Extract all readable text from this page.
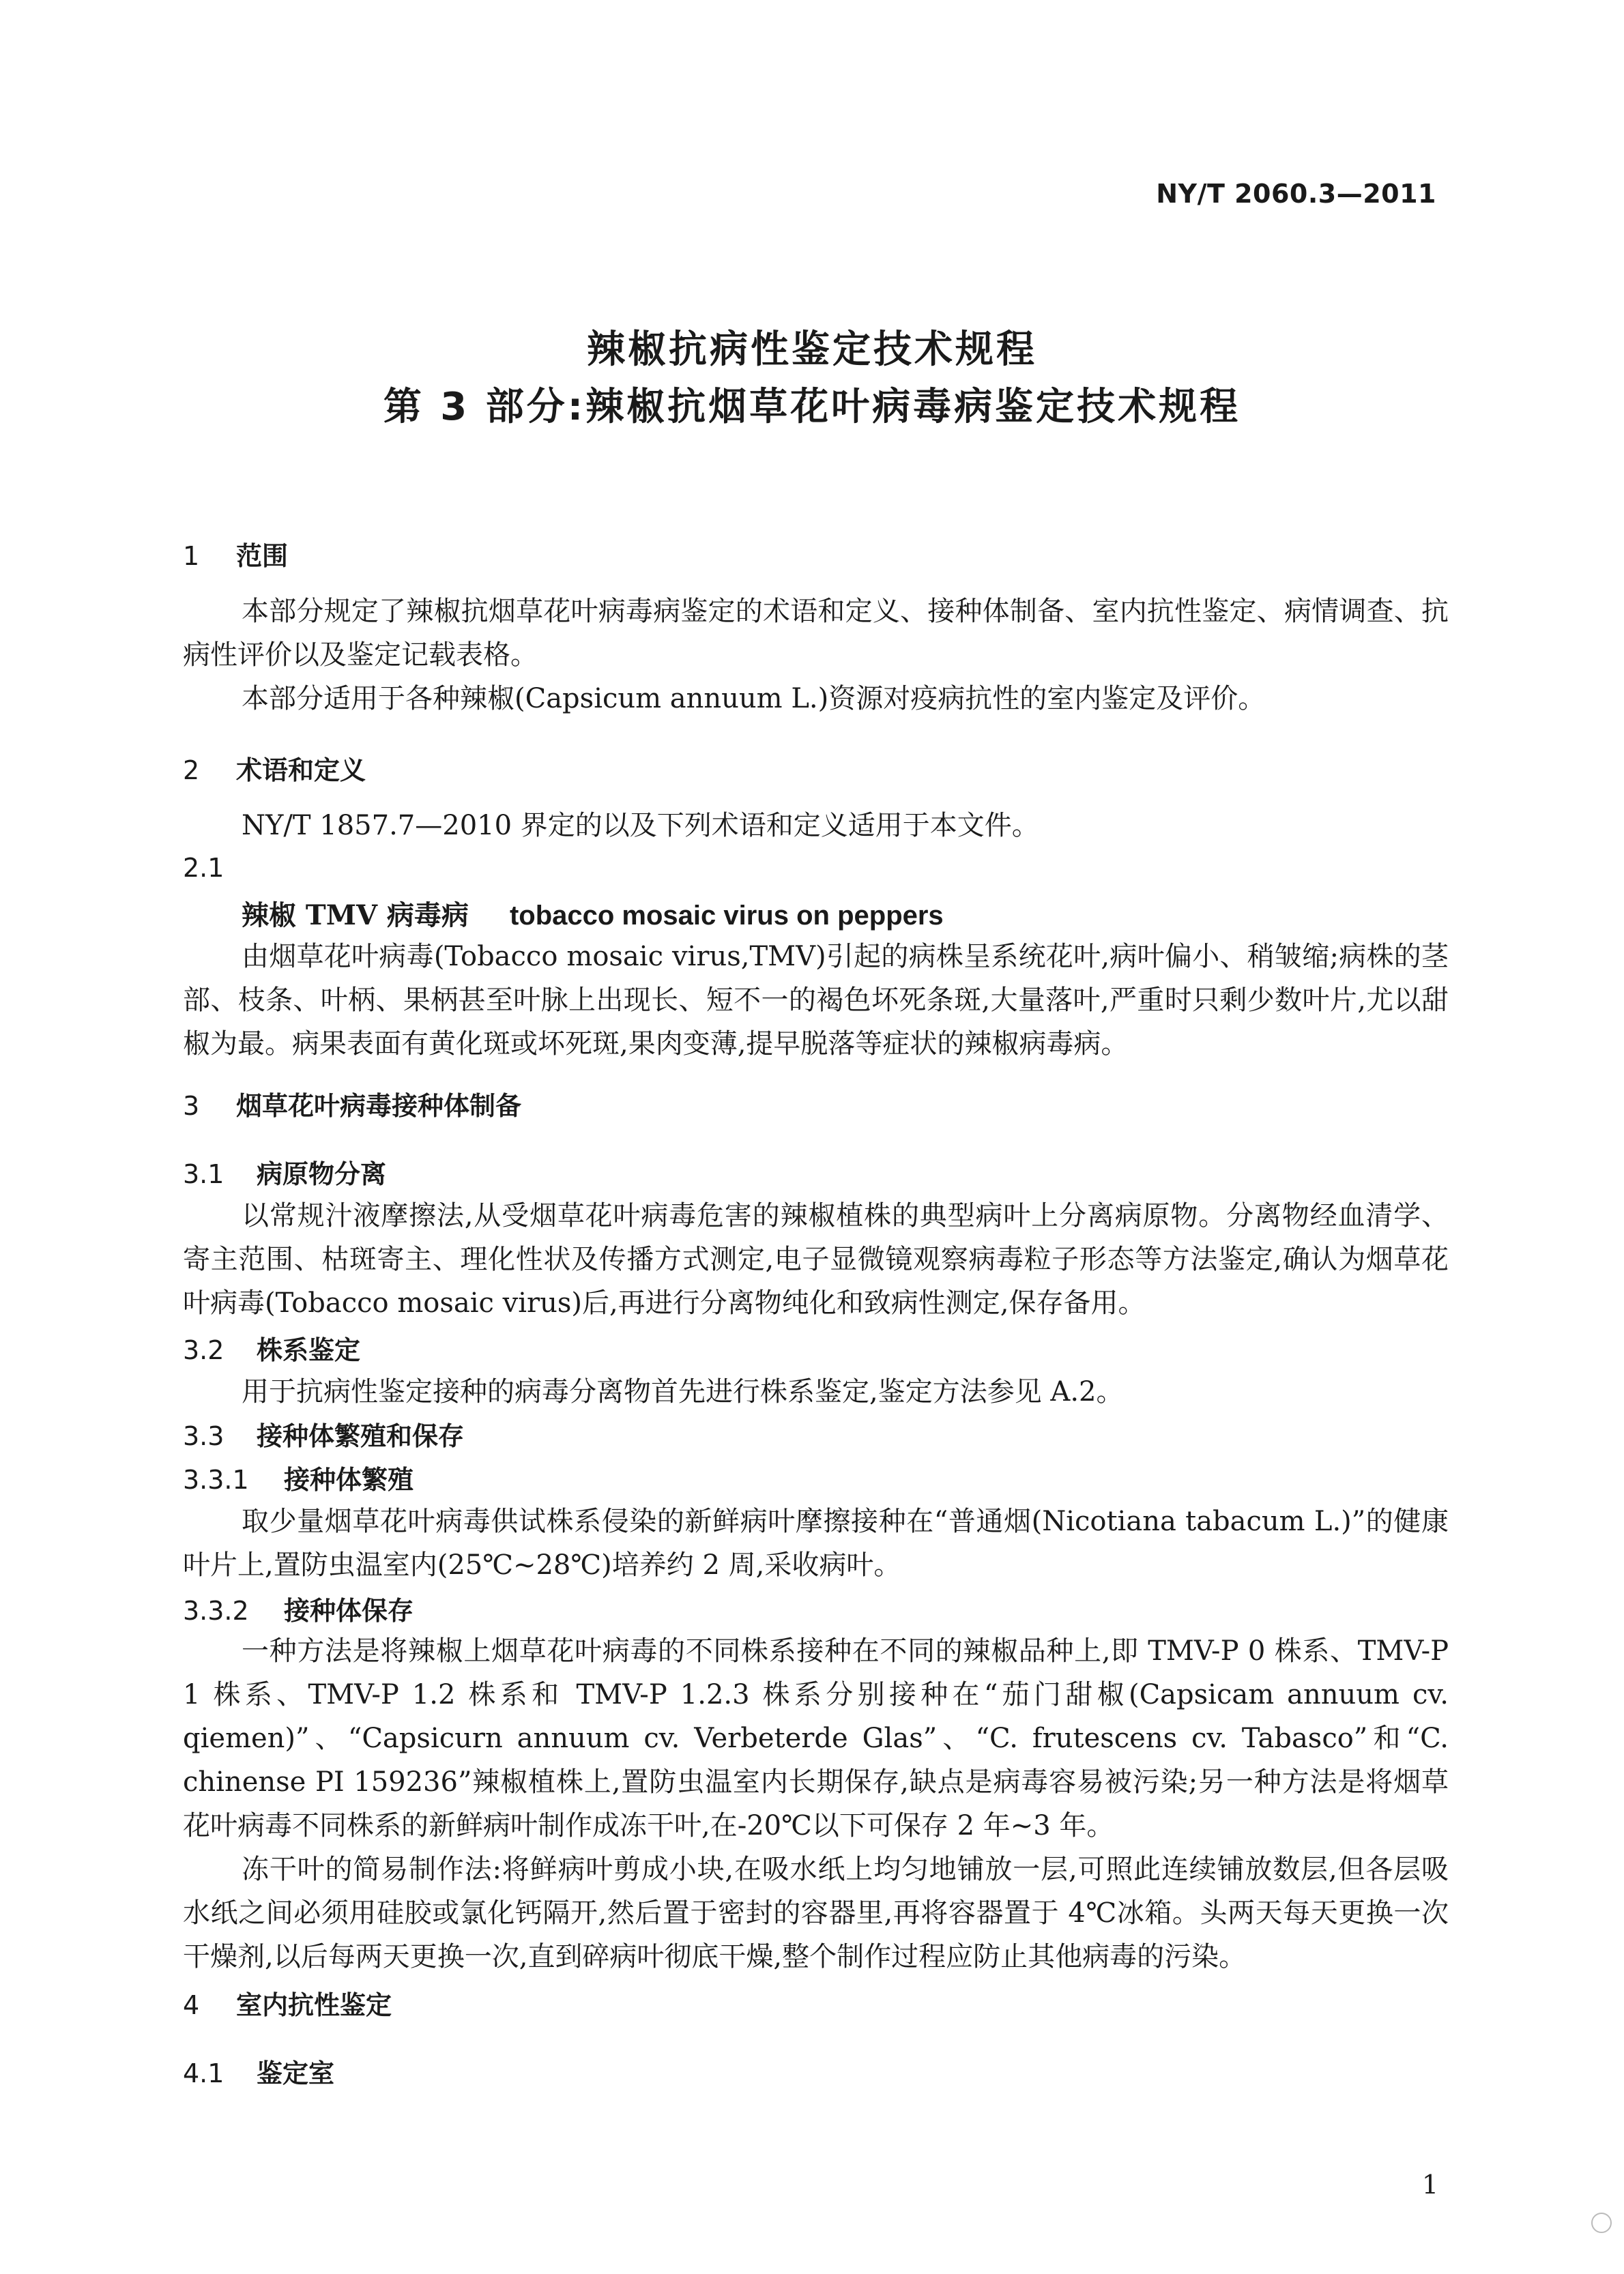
NY/T 2060.3—2011
辣椒抗病性鉴定技术规程
第 3 部分:辣椒抗烟草花叶病毒病鉴定技术规程
1 范围
本部分规定了辣椒抗烟草花叶病毒病鉴定的术语和定义、接种体制备、室内抗性鉴定、病情调查、抗病性评价以及鉴定记载表格。
本部分适用于各种辣椒(Capsicum annuum L.)资源对疫病抗性的室内鉴定及评价。
2 术语和定义
NY/T 1857.7—2010 界定的以及下列术语和定义适用于本文件。
2.1
辣椒 TMV 病毒病 tobacco mosaic virus on peppers
由烟草花叶病毒(Tobacco mosaic virus,TMV)引起的病株呈系统花叶,病叶偏小、稍皱缩;病株的茎部、枝条、叶柄、果柄甚至叶脉上出现长、短不一的褐色坏死条斑,大量落叶,严重时只剩少数叶片,尤以甜椒为最。病果表面有黄化斑或坏死斑,果肉变薄,提早脱落等症状的辣椒病毒病。
3 烟草花叶病毒接种体制备
3.1 病原物分离
以常规汁液摩擦法,从受烟草花叶病毒危害的辣椒植株的典型病叶上分离病原物。分离物经血清学、寄主范围、枯斑寄主、理化性状及传播方式测定,电子显微镜观察病毒粒子形态等方法鉴定,确认为烟草花叶病毒(Tobacco mosaic virus)后,再进行分离物纯化和致病性测定,保存备用。
3.2 株系鉴定
用于抗病性鉴定接种的病毒分离物首先进行株系鉴定,鉴定方法参见 A.2。
3.3 接种体繁殖和保存
3.3.1 接种体繁殖
取少量烟草花叶病毒供试株系侵染的新鲜病叶摩擦接种在“普通烟(Nicotiana tabacum L.)”的健康叶片上,置防虫温室内(25℃~28℃)培养约 2 周,采收病叶。
3.3.2 接种体保存
一种方法是将辣椒上烟草花叶病毒的不同株系接种在不同的辣椒品种上,即 TMV-P 0 株系、TMV-P 1 株系、TMV-P 1.2 株系和 TMV-P 1.2.3 株系分别接种在“茄门甜椒(Capsicam annuum cv. qiemen)”、“Capsicurn annuum cv. Verbeterde Glas”、“C. frutescens cv. Tabasco”和“C. chinense PI 159236”辣椒植株上,置防虫温室内长期保存,缺点是病毒容易被污染;另一种方法是将烟草花叶病毒不同株系的新鲜病叶制作成冻干叶,在-20℃以下可保存 2 年~3 年。
冻干叶的简易制作法:将鲜病叶剪成小块,在吸水纸上均匀地铺放一层,可照此连续铺放数层,但各层吸水纸之间必须用硅胶或氯化钙隔开,然后置于密封的容器里,再将容器置于 4℃冰箱。头两天每天更换一次干燥剂,以后每两天更换一次,直到碎病叶彻底干燥,整个制作过程应防止其他病毒的污染。
4 室内抗性鉴定
4.1 鉴定室
1
